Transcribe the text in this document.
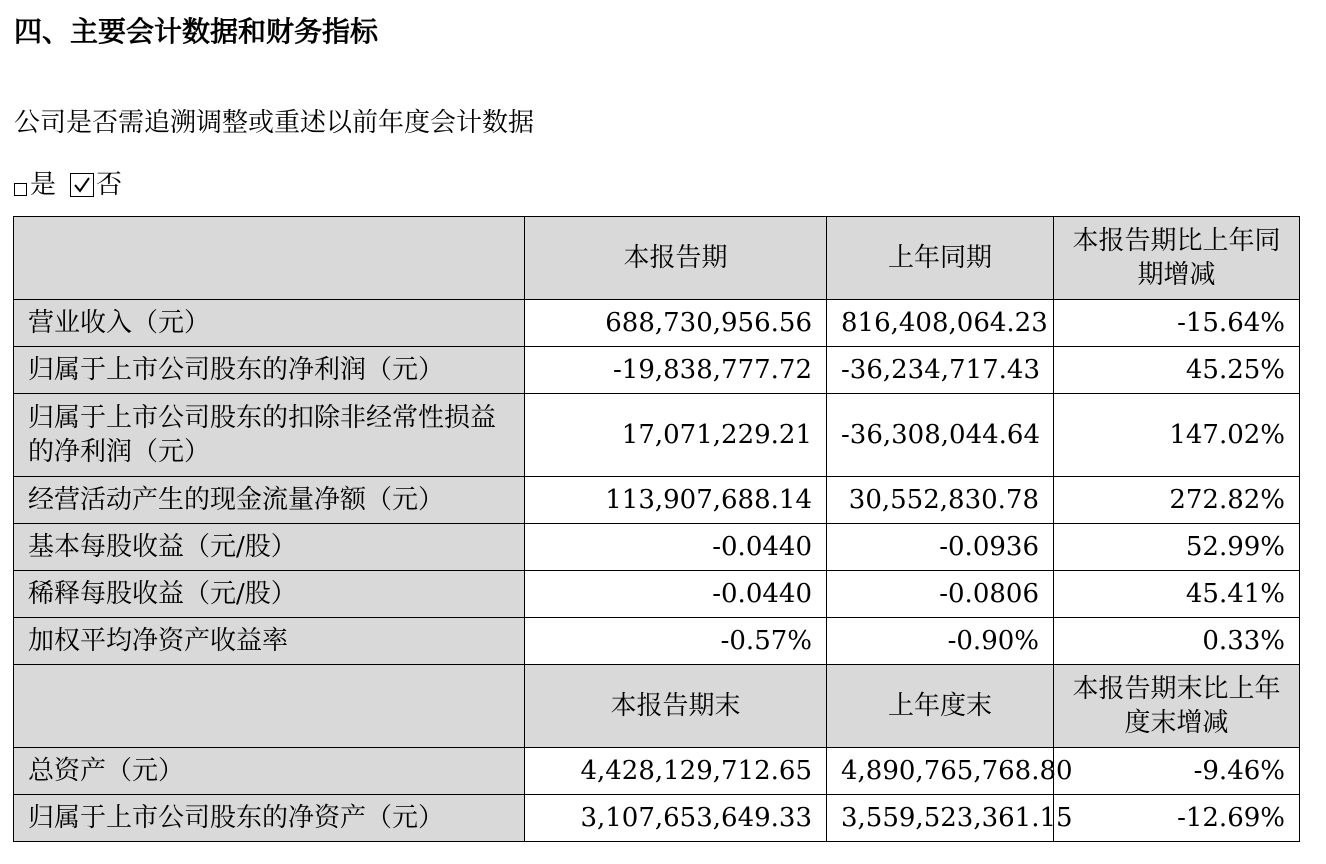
四、主要会计数据和财务指标
公司是否需追溯调整或重述以前年度会计数据
是 否
	本报告期	上年同期	本报告期比上年同期增减
营业收入（元）	688,730,956.56	816,408,064.23	-15.64%
归属于上市公司股东的净利润（元）	-19,838,777.72	-36,234,717.43	45.25%
归属于上市公司股东的扣除非经常性损益的净利润（元）	17,071,229.21	-36,308,044.64	147.02%
经营活动产生的现金流量净额（元）	113,907,688.14	30,552,830.78	272.82%
基本每股收益（元/股）	-0.0440	-0.0936	52.99%
稀释每股收益（元/股）	-0.0440	-0.0806	45.41%
加权平均净资产收益率	-0.57%	-0.90%	0.33%
	本报告期末	上年度末	本报告期末比上年度末增减
总资产（元）	4,428,129,712.65	4,890,765,768.80	-9.46%
归属于上市公司股东的净资产（元）	3,107,653,649.33	3,559,523,361.15	-12.69%
